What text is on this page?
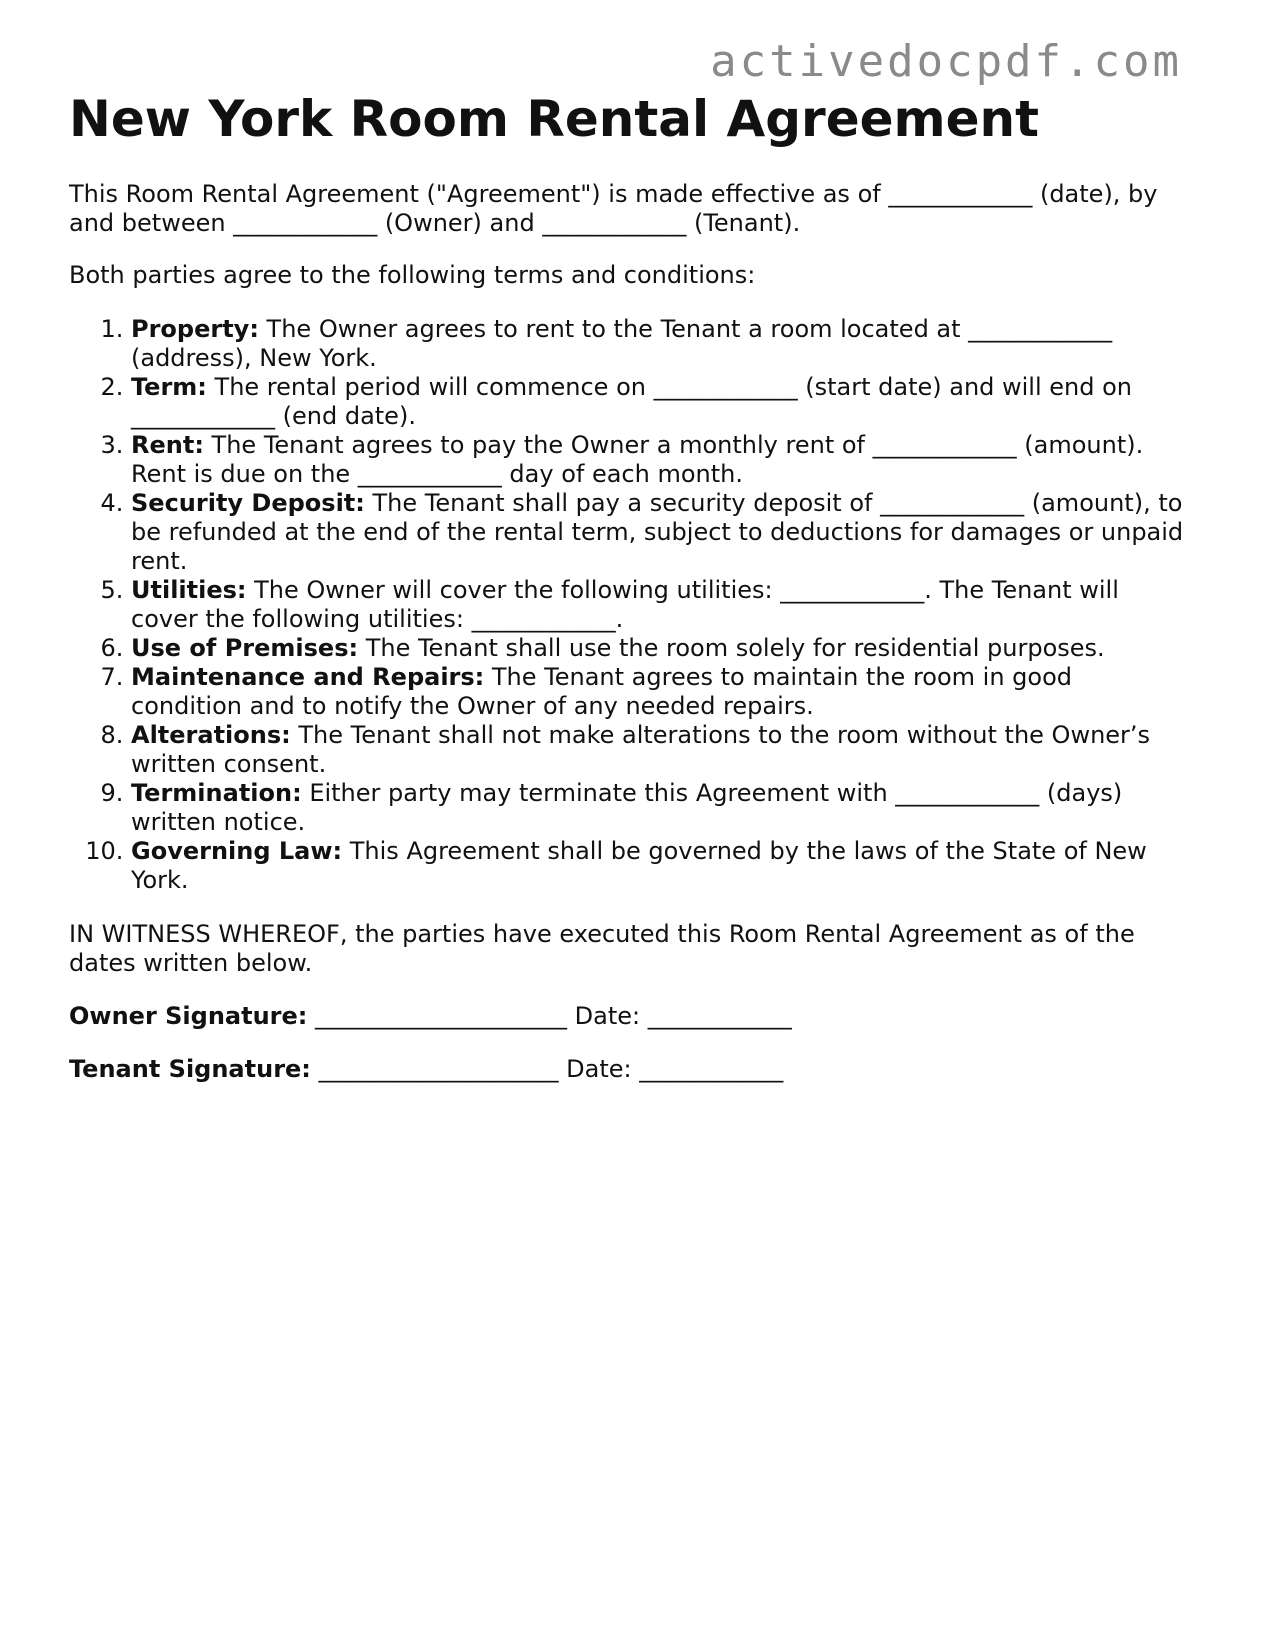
activedocpdf.com
New York Room Rental Agreement

This Room Rental Agreement ("Agreement") is made effective as of ____________ (date), by and between ____________ (Owner) and ____________ (Tenant).

Both parties agree to the following terms and conditions:

1. Property: The Owner agrees to rent to the Tenant a room located at ____________ (address), New York.
2. Term: The rental period will commence on ____________ (start date) and will end on ____________ (end date).
3. Rent: The Tenant agrees to pay the Owner a monthly rent of ____________ (amount). Rent is due on the ____________ day of each month.
4. Security Deposit: The Tenant shall pay a security deposit of ____________ (amount), to be refunded at the end of the rental term, subject to deductions for damages or unpaid rent.
5. Utilities: The Owner will cover the following utilities: ____________. The Tenant will cover the following utilities: ____________.
6. Use of Premises: The Tenant shall use the room solely for residential purposes.
7. Maintenance and Repairs: The Tenant agrees to maintain the room in good condition and to notify the Owner of any needed repairs.
8. Alterations: The Tenant shall not make alterations to the room without the Owner’s written consent.
9. Termination: Either party may terminate this Agreement with ____________ (days) written notice.
10. Governing Law: This Agreement shall be governed by the laws of the State of New York.

IN WITNESS WHEREOF, the parties have executed this Room Rental Agreement as of the dates written below.

Owner Signature: _____________________ Date: ____________

Tenant Signature: ____________________ Date: ____________
